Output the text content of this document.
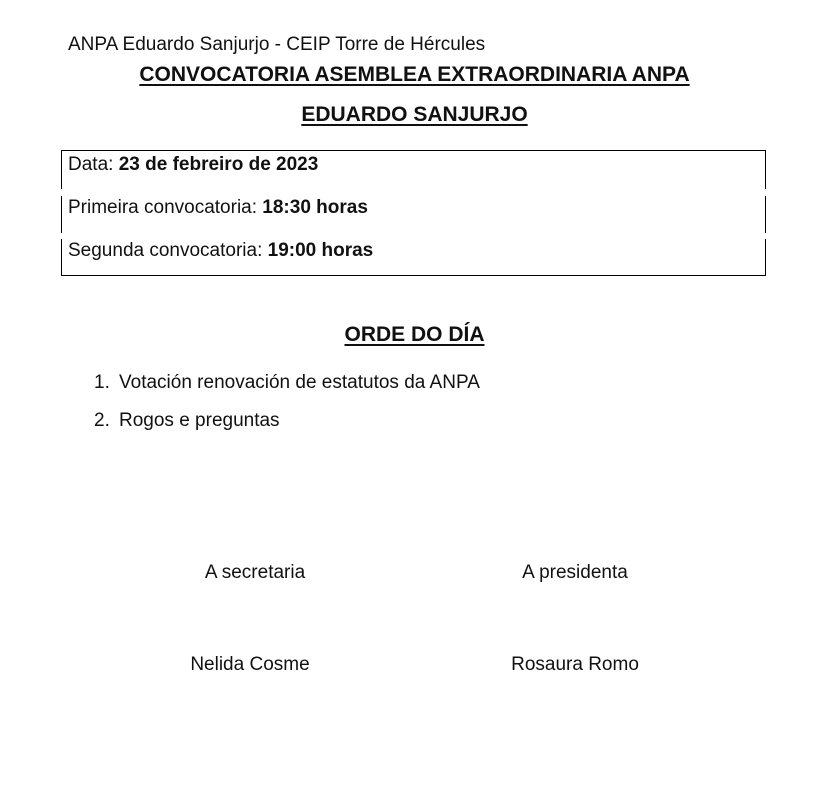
ANPA Eduardo Sanjurjo - CEIP Torre de Hércules
CONVOCATORIA ASEMBLEA EXTRAORDINARIA ANPA
EDUARDO SANJURJO
Data: 23 de febreiro de 2023
Primeira convocatoria: 18:30 horas
Segunda convocatoria: 19:00 horas
ORDE DO DÍA
1. Votación renovación de estatutos da ANPA
2. Rogos e preguntas
A secretaria	A presidenta
Nelida Cosme	Rosaura Romo
